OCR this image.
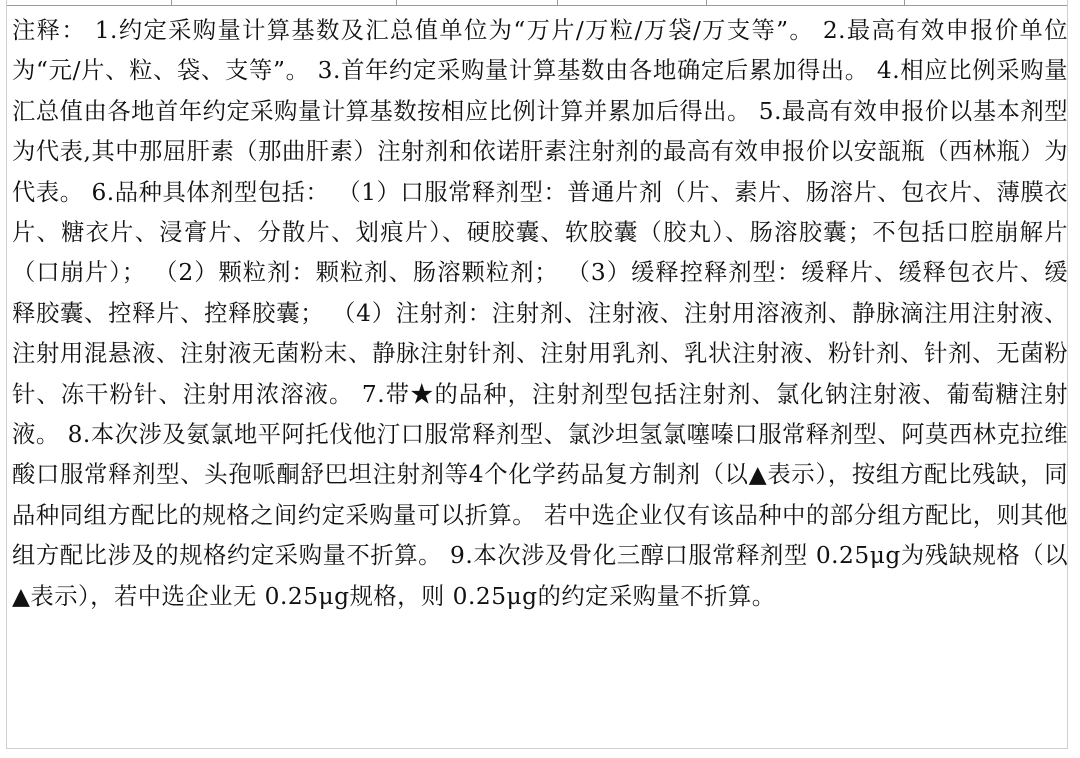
注释： 1.约定采购量计算基数及汇总值单位为“万片/万粒/万袋/万支等”。 2.最高有效申报价单位为“元/片、粒、袋、支等”。 3.首年约定采购量计算基数由各地确定后累加得出。 4.相应比例采购量汇总值由各地首年约定采购量计算基数按相应比例计算并累加后得出。 5.最高有效申报价以基本剂型为代表,其中那屈肝素（那曲肝素）注射剂和依诺肝素注射剂的最高有效申报价以安瓿瓶（西林瓶）为代表。 6.品种具体剂型包括： （1）口服常释剂型：普通片剂（片、素片、肠溶片、包衣片、薄膜衣片、糖衣片、浸膏片、分散片、划痕片）、硬胶囊、软胶囊（胶丸）、肠溶胶囊；不包括口腔崩解片（口崩片）； （2）颗粒剂：颗粒剂、肠溶颗粒剂； （3）缓释控释剂型：缓释片、缓释包衣片、缓释胶囊、控释片、控释胶囊； （4）注射剂：注射剂、注射液、注射用溶液剂、静脉滴注用注射液、注射用混悬液、注射液无菌粉末、静脉注射针剂、注射用乳剂、乳状注射液、粉针剂、针剂、无菌粉针、冻干粉针、注射用浓溶液。 7.带★的品种，注射剂型包括注射剂、氯化钠注射液、葡萄糖注射液。 8.本次涉及氨氯地平阿托伐他汀口服常释剂型、氯沙坦氢氯噻嗪口服常释剂型、阿莫西林克拉维酸口服常释剂型、头孢哌酮舒巴坦注射剂等4个化学药品复方制剂（以▲表示），按组方配比残缺，同品种同组方配比的规格之间约定采购量可以折算。 若中选企业仅有该品种中的部分组方配比，则其他组方配比涉及的规格约定采购量不折算。 9.本次涉及骨化三醇口服常释剂型 0.25μg为残缺规格（以▲表示），若中选企业无 0.25μg规格，则 0.25μg的约定采购量不折算。
